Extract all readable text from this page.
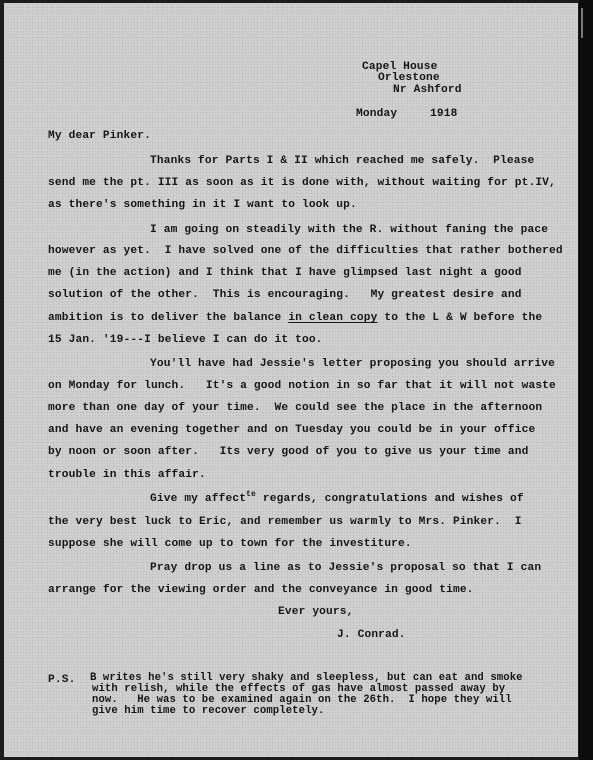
Capel House
Orlestone
Nr Ashford
Monday	1918
My dear Pinker.
Thanks for Parts I & II which reached me safely.  Please
send me the pt. III as soon as it is done with, without waiting for pt.IV,
as there's something in it I want to look up.
I am going on steadily with the R. without faning the pace
however as yet.  I have solved one of the difficulties that rather bothered
me (in the action) and I think that I have glimpsed last night a good
solution of the other.  This is encouraging.   My greatest desire and
ambition is to deliver the balance in clean copy to the L & W before the
15 Jan. '19---I believe I can do it too.
You'll have had Jessie's letter proposing you should arrive
on Monday for lunch.   It's a good notion in so far that it will not waste
more than one day of your time.  We could see the place in the afternoon
and have an evening together and on Tuesday you could be in your office
by noon or soon after.   Its very good of you to give us your time and
trouble in this affair.
Give my affect$^{te}$ regards, congratulations and wishes of
the very best luck to Eric, and remember us warmly to Mrs. Pinker.  I
suppose she will come up to town for the investiture.
Pray drop us a line as to Jessie's proposal so that I can
arrange for the viewing order and the conveyance in good time.
Ever yours,
J. Conrad.
P.S. B writes he's still very shaky and sleepless, but can eat and smoke
with relish, while the effects of gas have almost passed away by
now.   He was to be examined again on the 26th.  I hope they will
give him time to recover completely.
